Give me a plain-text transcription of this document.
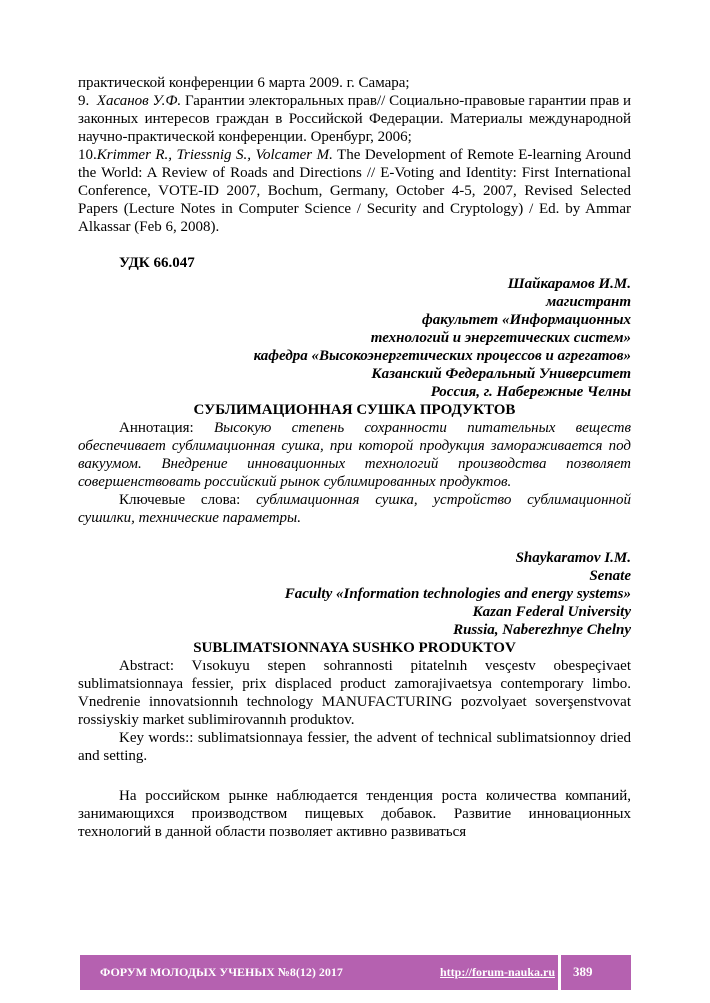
практической конференции 6 марта 2009. г. Самара;

9. Хасанов У.Ф. Гарантии электоральных прав// Социально-правовые гарантии прав и законных интересов граждан в Российской Федерации. Материалы международной научно-практической конференции. Оренбург, 2006;

10.Krimmer R., Triessnig S., Volcamer M. The Development of Remote E-learning Around the World: A Review of Roads and Directions // E-Voting and Identity: First International Conference, VOTE-ID 2007, Bochum, Germany, October 4-5, 2007, Revised Selected Papers (Lecture Notes in Computer Science / Security and Cryptology) / Ed. by Ammar Alkassar (Feb 6, 2008).

УДК 66.047

Шайкарамов И.М.

магистрант

факультет «Информационных

технологий и энергетических систем»

кафедра «Высокоэнергетических процессов и агрегатов»

Казанский Федеральный Университет

Россия, г. Набережные Челны

СУБЛИМАЦИОННАЯ СУШКА ПРОДУКТОВ

Аннотация: Высокую степень сохранности питательных веществ обеспечивает сублимационная сушка, при которой продукция замораживается под вакуумом. Внедрение инновационных технологий производства позволяет совершенствовать российский рынок сублимированных продуктов.

Ключевые слова: сублимационная сушка, устройство сублимационной сушилки, технические параметры.

Shaykaramov I.M.

Senate

Faculty «Information technologies and energy systems»

Kazan Federal University

Russia, Naberezhnye Chelny

SUBLIMATSIONNAYA SUSHKO PRODUKTOV

Abstract: Vısokuyu stepen sohrannosti pitatelnıh vesçestv obespeçivaet sublimatsionnaya fessier, prix displaced product zamorajivaetsya contemporary limbo. Vnedrenie innovatsionnıh technology MANUFACTURING pozvolyaet soverşenstvovat rossiyskiy market sublimirovannıh produktov.

Key words:: sublimatsionnaya fessier, the advent of technical sublimatsionnoy dried and setting.

На российском рынке наблюдается тенденция роста количества компаний, занимающихся производством пищевых добавок. Развитие инновационных технологий в данной области позволяет активно развиваться

ФОРУМ МОЛОДЫХ УЧЕНЫХ №8(12) 2017	http://forum-nauka.ru 389
